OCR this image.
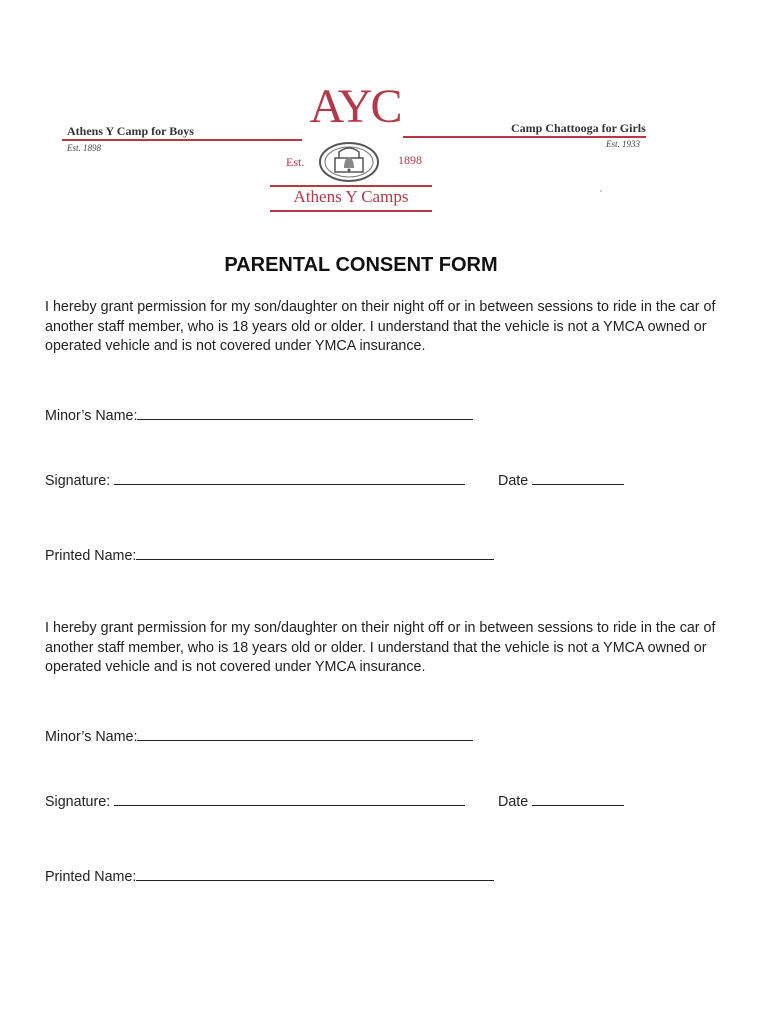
Athens Y Camp for Boys
Est. 1898
Camp Chattooga for Girls
Est. 1933
AYC
Est.	1898
Athens Y Camps
PARENTAL CONSENT FORM
I hereby grant permission for my son/daughter on their night off or in between sessions to ride in the car of another staff member, who is 18 years old or older. I understand that the vehicle is not a YMCA owned or operated vehicle and is not covered under YMCA insurance.
Minor’s Name:
Signature:	Date
Printed Name:
I hereby grant permission for my son/daughter on their night off or in between sessions to ride in the car of another staff member, who is 18 years old or older. I understand that the vehicle is not a YMCA owned or operated vehicle and is not covered under YMCA insurance.
Minor’s Name:
Signature:	Date
Printed Name:
